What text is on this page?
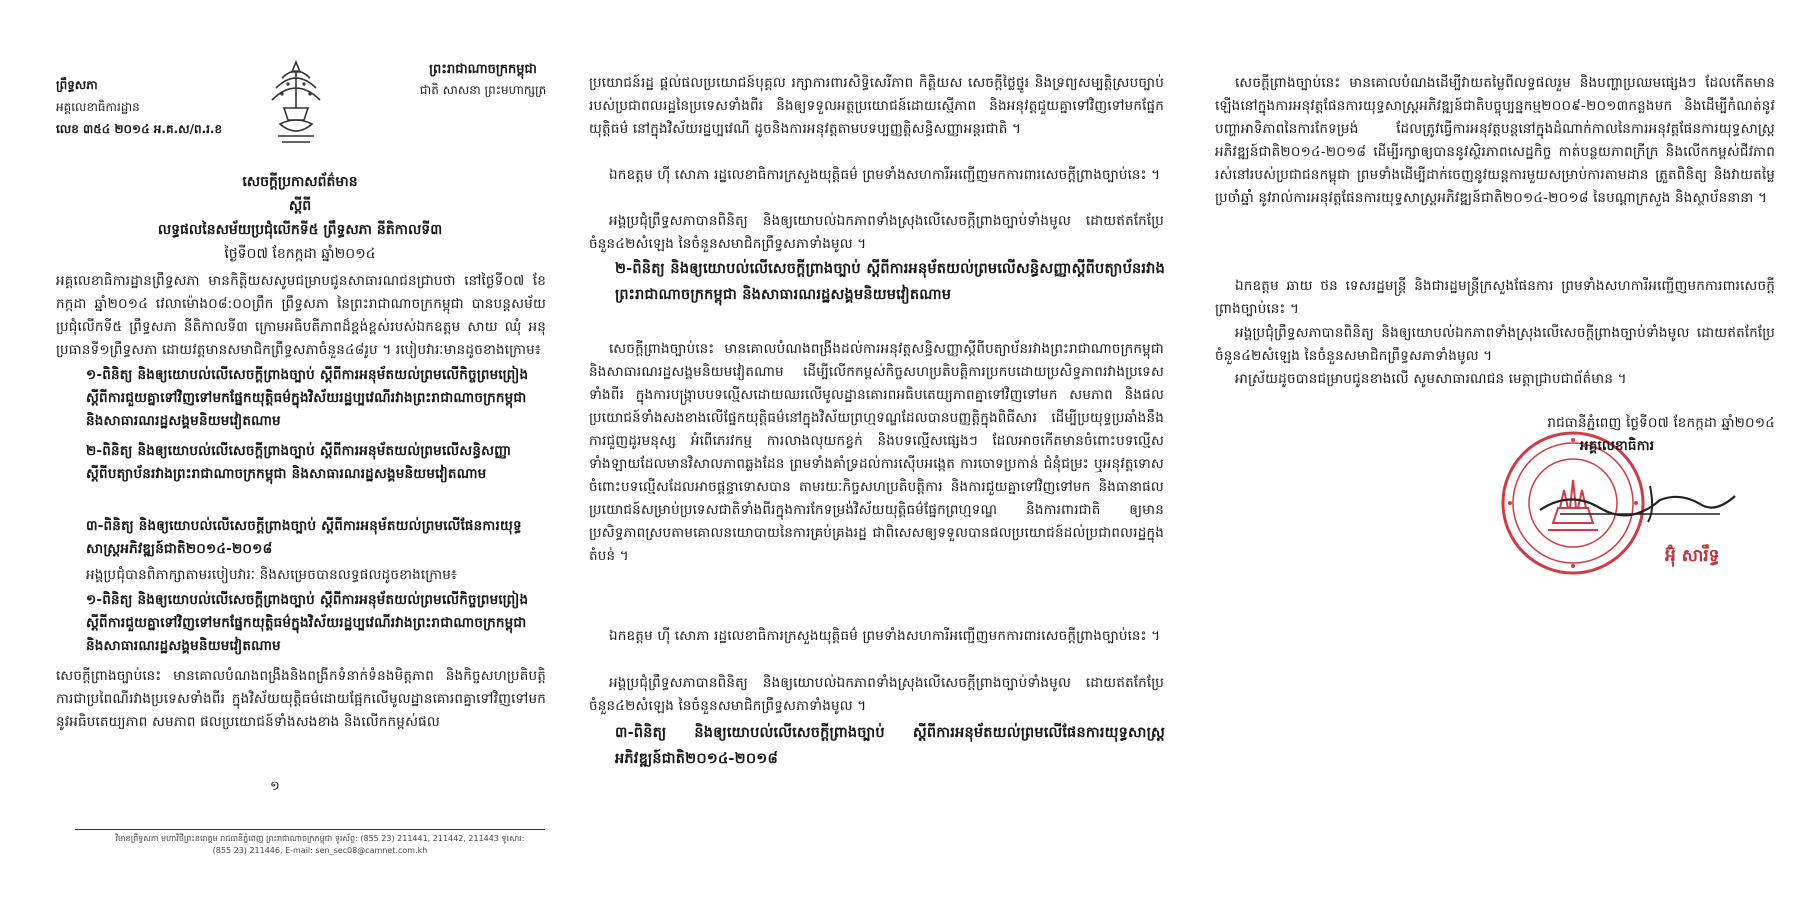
ព្រឹទ្ធសភា
អគ្គលេខាធិការដ្ឋាន
លេខ ៣៥៤ ២០១៤ អ.គ.ស/ព.រ.ខ
ព្រះរាជាណាចក្រកម្ពុជា
ជាតិ សាសនា ព្រះមហាក្សត្រ
សេចក្តីប្រកាសព័ត៌មាន
ស្តីពី
លទ្ធផលនៃសម័យប្រជុំលើកទី៥ ព្រឹទ្ធសភា នីតិកាលទី៣
ថ្ងៃទី០៧ ខែកក្កដា ឆ្នាំ២០១៤
អគ្គលេខាធិការដ្ឋានព្រឹទ្ធសភា មានកិត្តិយសសូមជម្រាបជូនសាធារណជនជ្រាបថា នៅថ្ងៃទី០៧ ខែកក្កដា ឆ្នាំ២០១៤ វេលាម៉ោង០៨:០០ព្រឹក ព្រឹទ្ធសភា នៃព្រះរាជាណាចក្រកម្ពុជា បានបន្តសម័យប្រជុំលើកទី៥ ព្រឹទ្ធសភា នីតិកាលទី៣ ក្រោមអធិបតីភាពដ៏ខ្ពង់ខ្ពស់របស់ឯកឧត្តម សាយ ឈុំ អនុប្រធានទី១ព្រឹទ្ធសភា ដោយវត្តមានសមាជិកព្រឹទ្ធសភាចំនួន៤៨រូប ។ របៀបវារៈមានដូចខាងក្រោម៖
១-ពិនិត្យ និងឲ្យយោបល់លើសេចក្តីព្រាងច្បាប់ ស្តីពីការអនុម័តយល់ព្រមលើកិច្ចព្រមព្រៀងស្តីពីការជួយគ្នាទៅវិញទៅមកផ្នែកយុត្តិធម៌ក្នុងវិស័យរដ្ឋប្បវេណីរវាងព្រះរាជាណាចក្រកម្ពុជា និងសាធារណរដ្ឋសង្គមនិយមវៀតណាម
២-ពិនិត្យ និងឲ្យយោបល់លើសេចក្តីព្រាងច្បាប់ ស្តីពីការអនុម័តយល់ព្រមលើសន្ធិសញ្ញាស្តីពីបត្យាប័នរវាងព្រះរាជាណាចក្រកម្ពុជា និងសាធារណរដ្ឋសង្គមនិយមវៀតណាម
៣-ពិនិត្យ និងឲ្យយោបល់លើសេចក្តីព្រាងច្បាប់ ស្តីពីការអនុម័តយល់ព្រមលើផែនការយុទ្ធសាស្ត្រអភិវឌ្ឍន៍ជាតិ២០១៤-២០១៨
អង្គប្រជុំបានពិភាក្សាតាមរបៀបវារៈ និងសម្រេចបានលទ្ធផលដូចខាងក្រោម៖
១-ពិនិត្យ និងឲ្យយោបល់លើសេចក្តីព្រាងច្បាប់ ស្តីពីការអនុម័តយល់ព្រមលើកិច្ចព្រមព្រៀងស្តីពីការជួយគ្នាទៅវិញទៅមកផ្នែកយុត្តិធម៌ក្នុងវិស័យរដ្ឋប្បវេណីរវាងព្រះរាជាណាចក្រកម្ពុជា និងសាធារណរដ្ឋសង្គមនិយមវៀតណាម
សេចក្តីព្រាងច្បាប់នេះ មានគោលបំណងពង្រឹងនិងពង្រីកទំនាក់ទំនងមិត្តភាព និងកិច្ចសហប្រតិបត្តិការជាប្រពៃណីរវាងប្រទេសទាំងពីរ ក្នុងវិស័យយុត្តិធម៌ដោយផ្អែកលើមូលដ្ឋានគោរពគ្នាទៅវិញទៅមកនូវអធិបតេយ្យភាព សមភាព ផលប្រយោជន៍ទាំងសងខាង និងលើកកម្ពស់ផល
១
វិមានព្រឹទ្ធសភា មហាវិថីព្រះនរោត្តម រាជធានីភ្នំពេញ ព្រះរាជាណាចក្រកម្ពុជា ទូរស័ព្ទ: (855 23) 211441, 211442, 211443 ទូរសារ: (855 23) 211446, E-mail: sen_sec08@camnet.com.kh
ប្រយោជន៍រដ្ឋ ផ្តល់ផលប្រយោជន៍បុគ្គល រក្សាការពារសិទ្ធិសេរីភាព កិត្តិយស សេចក្តីថ្លៃថ្នូរ និងទ្រព្យសម្បត្តិស្របច្បាប់របស់ប្រជាពលរដ្ឋនៃប្រទេសទាំងពីរ និងឲ្យទទួលអត្ថប្រយោជន៍ដោយស្មើភាព និងអនុវត្តជួយគ្នាទៅវិញទៅមកផ្នែកយុត្តិធម៌ នៅក្នុងវិស័យរដ្ឋប្បវេណី ដូចនិងការអនុវត្តតាមបទប្បញ្ញត្តិសន្ធិសញ្ញាអន្តរជាតិ ។
ឯកឧត្តម ហ៊ី សោភា រដ្ឋលេខាធិការក្រសួងយុត្តិធម៌ ព្រមទាំងសហការីអញ្ជើញមកការពារសេចក្តីព្រាងច្បាប់នេះ ។
អង្គប្រជុំព្រឹទ្ធសភាបានពិនិត្យ និងឲ្យយោបល់ឯកភាពទាំងស្រុងលើសេចក្តីព្រាងច្បាប់ទាំងមូល ដោយឥតកែប្រែចំនួន៤២សំឡេង នៃចំនួនសមាជិកព្រឹទ្ធសភាទាំងមូល ។
២-ពិនិត្យ និងឲ្យយោបល់លើសេចក្តីព្រាងច្បាប់ ស្តីពីការអនុម័តយល់ព្រមលើសន្ធិសញ្ញាស្តីពីបត្យាប័នរវាងព្រះរាជាណាចក្រកម្ពុជា និងសាធារណរដ្ឋសង្គមនិយមវៀតណាម
សេចក្តីព្រាងច្បាប់នេះ មានគោលបំណងពង្រឹងដល់ការអនុវត្តសន្ធិសញ្ញាស្តីពីបត្យាប័នរវាងព្រះរាជាណាចក្រកម្ពុជា និងសាធារណរដ្ឋសង្គមនិយមវៀតណាម ដើម្បីលើកកម្ពស់កិច្ចសហប្រតិបត្តិការប្រកបដោយប្រសិទ្ធភាពរវាងប្រទេសទាំងពីរ ក្នុងការបង្ក្រាបបទល្មើសដោយឈរលើមូលដ្ឋានគោរពអធិបតេយ្យភាពគ្នាទៅវិញទៅមក សមភាព និងផលប្រយោជន៍ទាំងសងខាងលើផ្នែកយុត្តិធម៌នៅក្នុងវិស័យព្រហ្មទណ្ឌដែលបានបញ្ញត្តិក្នុងពិធីសារ ដើម្បីប្រយុទ្ធប្រឆាំងនឹងការជួញដូរមនុស្ស អំពើភេរវកម្ម ការលាងលុយកខ្វក់ និងបទល្មើសផ្សេងៗ ដែលអាចកើតមានចំពោះបទល្មើសទាំងឡាយដែលមានវិសាលភាពឆ្លងដែន ព្រមទាំងគាំទ្រដល់ការស៊ើបអង្កេត ការចោទប្រកាន់ ជំនុំជម្រះ ឬអនុវត្តទោសចំពោះបទល្មើសដែលអាចផ្តន្ទាទោសបាន តាមរយៈកិច្ចសហប្រតិបត្តិការ និងការជួយគ្នាទៅវិញទៅមក និងធានាផលប្រយោជន៍សម្រាប់ប្រទេសជាតិទាំងពីរក្នុងការកែទម្រង់វិស័យយុត្តិធម៌ផ្នែកព្រហ្មទណ្ឌ និងការពារជាតិ ឲ្យមានប្រសិទ្ធភាពស្របតាមគោលនយោបាយនៃការគ្រប់គ្រងរដ្ឋ ជាពិសេសឲ្យទទួលបានផលប្រយោជន៍ដល់ប្រជាពលរដ្ឋក្នុងតំបន់ ។
ឯកឧត្តម ហ៊ី សោភា រដ្ឋលេខាធិការក្រសួងយុត្តិធម៌ ព្រមទាំងសហការីអញ្ជើញមកការពារសេចក្តីព្រាងច្បាប់នេះ ។
អង្គប្រជុំព្រឹទ្ធសភាបានពិនិត្យ និងឲ្យយោបល់ឯកភាពទាំងស្រុងលើសេចក្តីព្រាងច្បាប់ទាំងមូល ដោយឥតកែប្រែចំនួន៤២សំឡេង នៃចំនួនសមាជិកព្រឹទ្ធសភាទាំងមូល ។
៣-ពិនិត្យ និងឲ្យយោបល់លើសេចក្តីព្រាងច្បាប់ ស្តីពីការអនុម័តយល់ព្រមលើផែនការយុទ្ធសាស្ត្រអភិវឌ្ឍន៍ជាតិ២០១៤-២០១៨
សេចក្តីព្រាងច្បាប់នេះ មានគោលបំណងដើម្បីវាយតម្លៃពីលទ្ធផលរួម និងបញ្ហាប្រឈមផ្សេងៗ ដែលកើតមានឡើងនៅក្នុងការអនុវត្តផែនការយុទ្ធសាស្ត្រអភិវឌ្ឍន៍ជាតិបច្ចុប្បន្នកម្ម២០០៩-២០១៣កន្លងមក និងដើម្បីកំណត់នូវបញ្ហាអាទិភាពនៃការកែទម្រង់ ដែលត្រូវធ្វើការអនុវត្តបន្តនៅក្នុងដំណាក់កាលនៃការអនុវត្តផែនការយុទ្ធសាស្ត្រអភិវឌ្ឍន៍ជាតិ២០១៤-២០១៨ ដើម្បីរក្សាឲ្យបាននូវស្ថិរភាពសេដ្ឋកិច្ច កាត់បន្ថយភាពក្រីក្រ និងលើកកម្ពស់ជីវភាពរស់នៅរបស់ប្រជាជនកម្ពុជា ព្រមទាំងដើម្បីដាក់ចេញនូវយន្តការមួយសម្រាប់ការតាមដាន ត្រួតពិនិត្យ និងវាយតម្លៃប្រចាំឆ្នាំ នូវរាល់ការអនុវត្តផែនការយុទ្ធសាស្ត្រអភិវឌ្ឍន៍ជាតិ២០១៤-២០១៨ នៃបណ្តាក្រសួង និងស្ថាប័ននានា ។
ឯកឧត្តម ឆាយ ថន ទេសរដ្ឋមន្ត្រី និងជារដ្ឋមន្ត្រីក្រសួងផែនការ ព្រមទាំងសហការីអញ្ជើញមកការពារសេចក្តីព្រាងច្បាប់នេះ ។
អង្គប្រជុំព្រឹទ្ធសភាបានពិនិត្យ និងឲ្យយោបល់ឯកភាពទាំងស្រុងលើសេចក្តីព្រាងច្បាប់ទាំងមូល ដោយឥតកែប្រែចំនួន៤២សំឡេង នៃចំនួនសមាជិកព្រឹទ្ធសភាទាំងមូល ។
អាស្រ័យដូចបានជម្រាបជូនខាងលើ សូមសាធារណជន មេត្តាជ្រាបជាព័ត៌មាន ។
រាជធានីភ្នំពេញ ថ្ងៃទី០៧ ខែកក្កដា ឆ្នាំ២០១៤
អគ្គលេខាធិការ
អ៊ុំ សារឹទ្ធ
